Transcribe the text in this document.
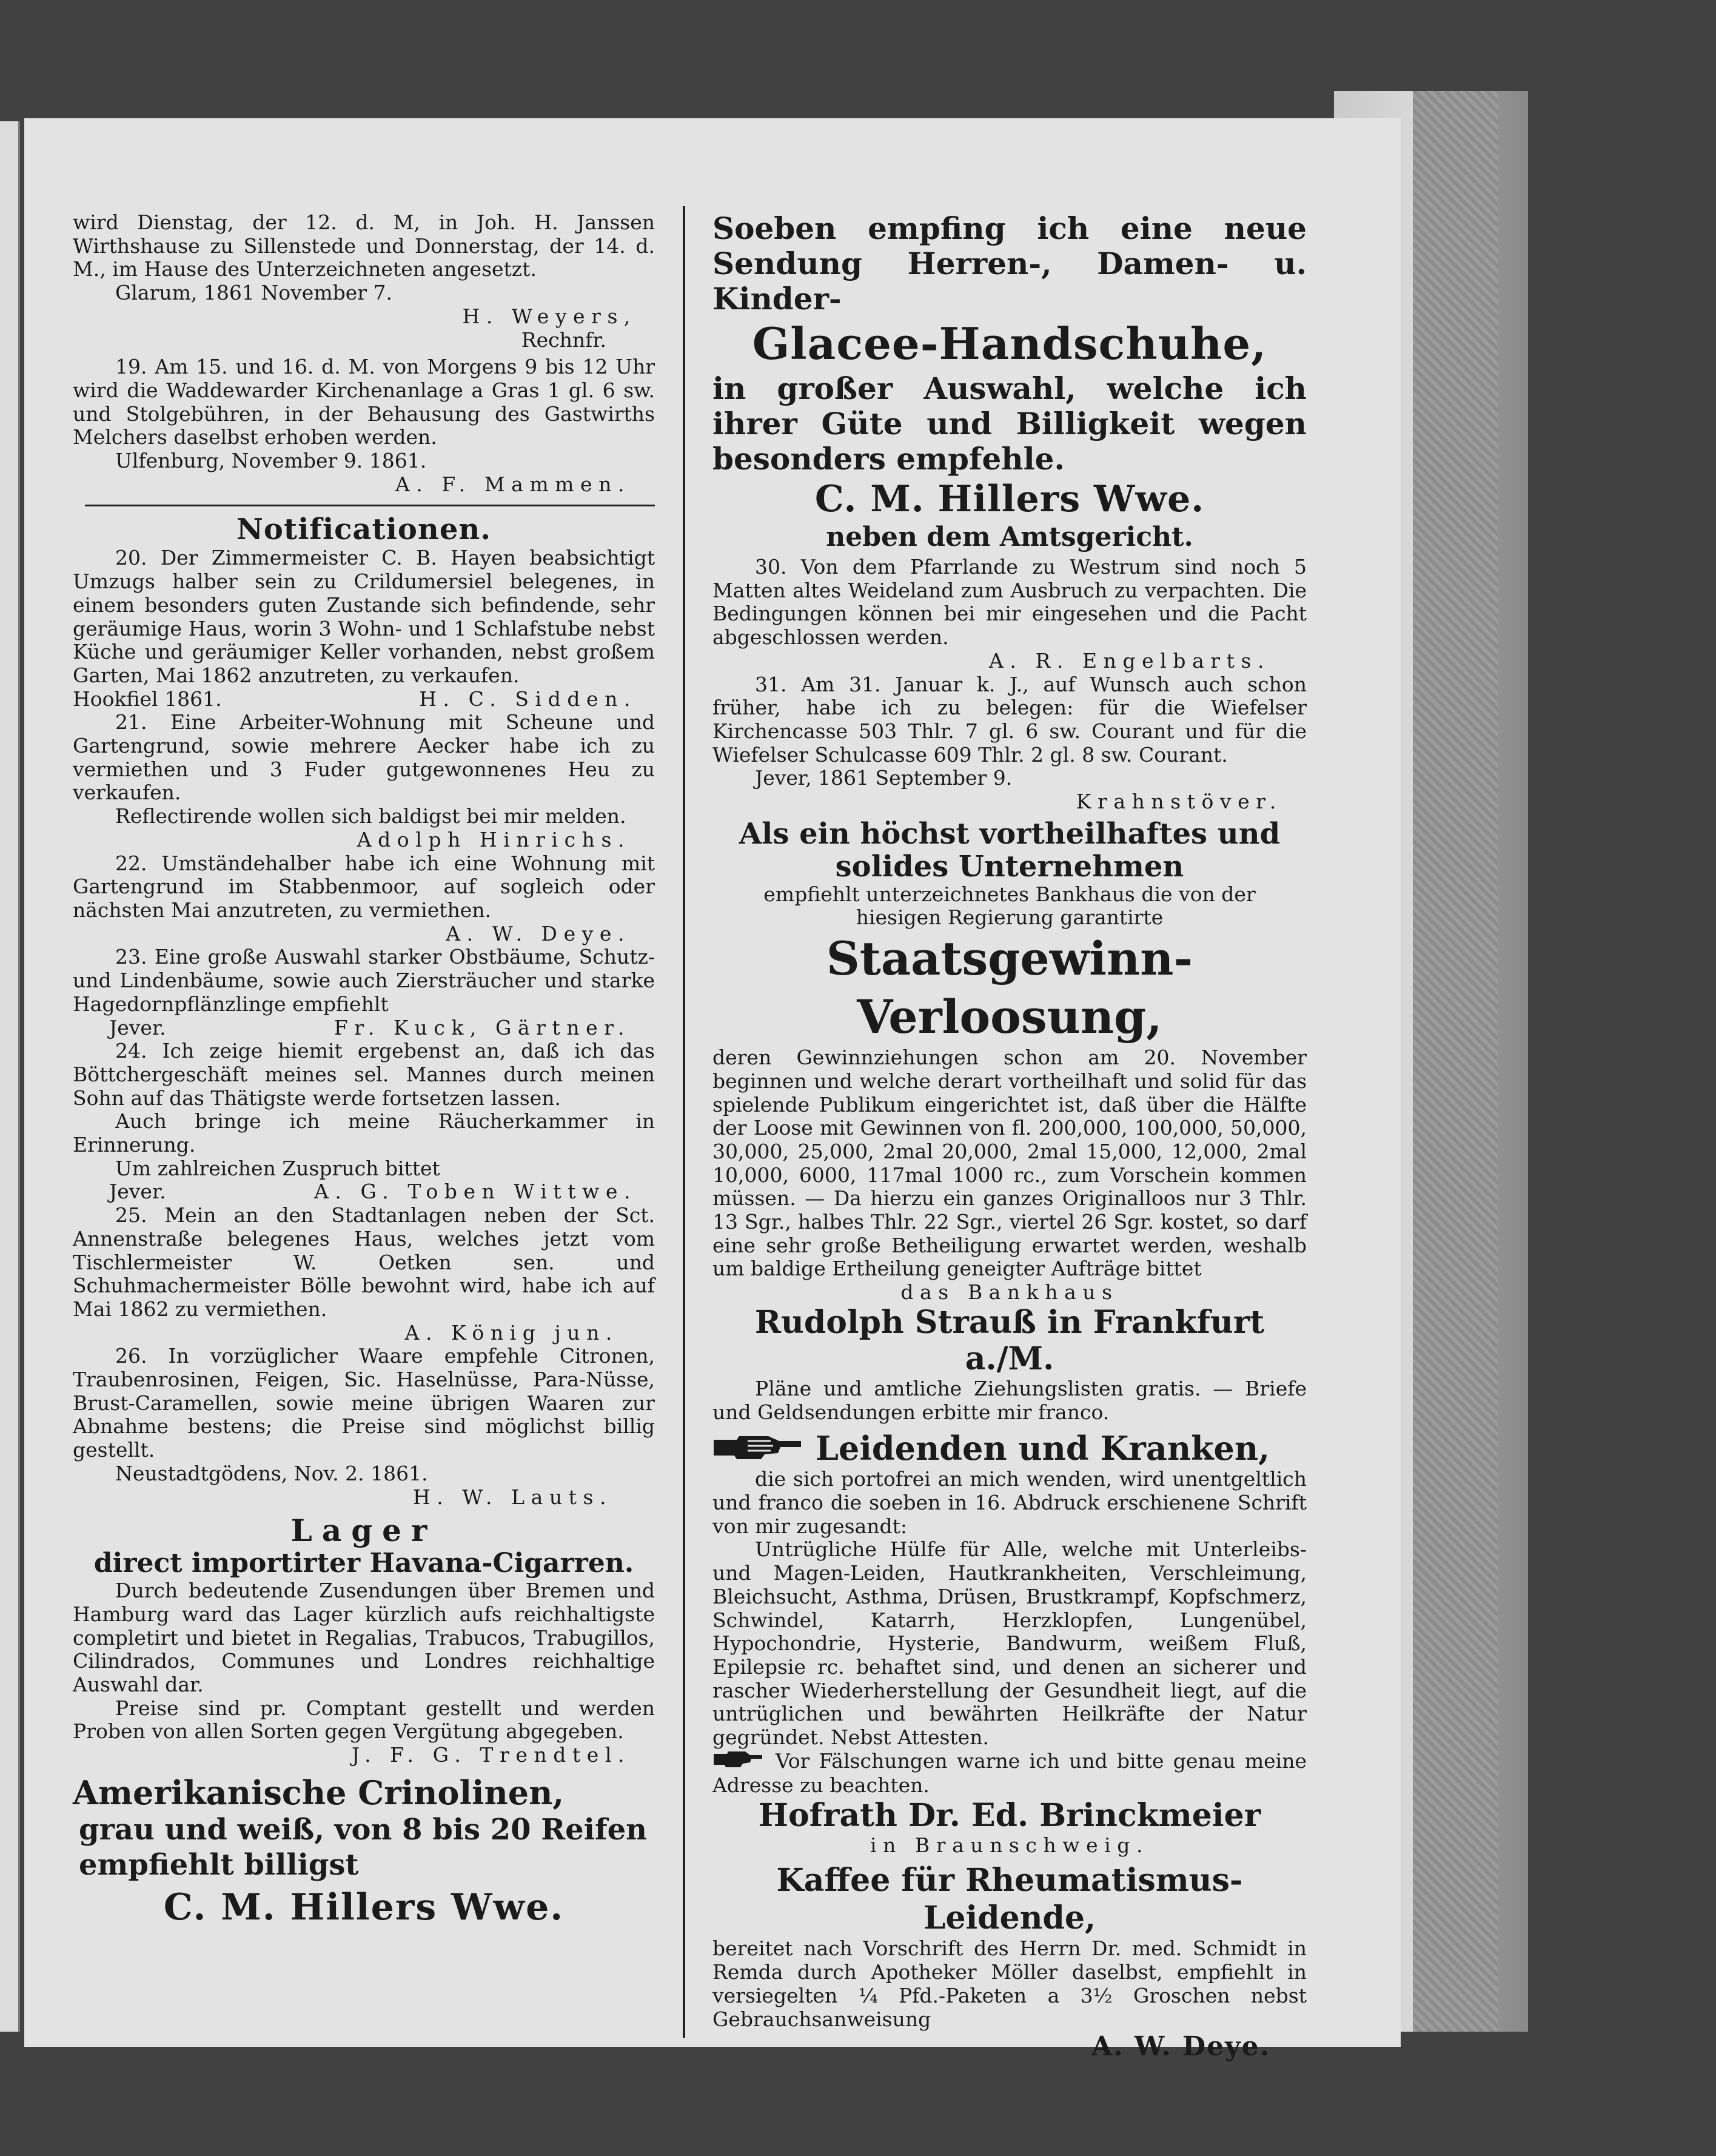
wird Dienstag, der 12. d. M, in Joh. H. Janssen Wirthshause zu Sillenstede und Donnerstag, der 14. d. M., im Hause des Unterzeichneten angesetzt.

Glarum, 1861 November 7.

H. Weyers,

Rechnfr.

19. Am 15. und 16. d. M. von Morgens 9 bis 12 Uhr wird die Waddewarder Kirchenanlage a Gras 1 gl. 6 sw. und Stolgebühren, in der Behausung des Gastwirths Melchers daselbst erhoben werden.

Ulfenburg, November 9. 1861.

A. F. Mammen.

Notificationen.

20. Der Zimmermeister C. B. Hayen beabsichtigt Umzugs halber sein zu Crildumersiel belegenes, in einem besonders guten Zustande sich befindende, sehr geräumige Haus, worin 3 Wohn- und 1 Schlafstube nebst Küche und geräumiger Keller vorhanden, nebst großem Garten, Mai 1862 anzutreten, zu verkaufen.

Hookfiel 1861.	H. C. Sidden.

21. Eine Arbeiter-Wohnung mit Scheune und Gartengrund, sowie mehrere Aecker habe ich zu vermiethen und 3 Fuder gutgewonnenes Heu zu verkaufen.

Reflectirende wollen sich baldigst bei mir melden.

Adolph Hinrichs.

22. Umständehalber habe ich eine Wohnung mit Gartengrund im Stabbenmoor, auf sogleich oder nächsten Mai anzutreten, zu vermiethen.

A. W. Deye.

23. Eine große Auswahl starker Obstbäume, Schutz- und Lindenbäume, sowie auch Ziersträucher und starke Hagedornpflänzlinge empfiehlt

Jever.	Fr. Kuck, Gärtner.

24. Ich zeige hiemit ergebenst an, daß ich das Böttchergeschäft meines sel. Mannes durch meinen Sohn auf das Thätigste werde fortsetzen lassen.

Auch bringe ich meine Räucherkammer in Erinnerung.

Um zahlreichen Zuspruch bittet

Jever.	A. G. Toben Wittwe.

25. Mein an den Stadtanlagen neben der Sct. Annenstraße belegenes Haus, welches jetzt vom Tischlermeister W. Oetken sen. und Schuhmachermeister Bölle bewohnt wird, habe ich auf Mai 1862 zu vermiethen.

A. König jun.

26. In vorzüglicher Waare empfehle Citronen, Traubenrosinen, Feigen, Sic. Haselnüsse, Para-Nüsse, Brust-Caramellen, sowie meine übrigen Waaren zur Abnahme bestens; die Preise sind möglichst billig gestellt.

Neustadtgödens, Nov. 2. 1861.

H. W. Lauts.

Lager
direct importirter Havana-Cigarren.

Durch bedeutende Zusendungen über Bremen und Hamburg ward das Lager kürzlich aufs reichhaltigste completirt und bietet in Regalias, Trabucos, Trabugillos, Cilindrados, Communes und Londres reichhaltige Auswahl dar.

Preise sind pr. Comptant gestellt und werden Proben von allen Sorten gegen Vergütung abgegeben.

J. F. G. Trendtel.

Amerikanische Crinolinen,
grau und weiß, von 8 bis 20 Reifen
empfiehlt billigst
C. M. Hillers Wwe.
Soeben empfing ich eine neue Sendung Herren-, Damen- u. Kinder-
Glacee-Handschuhe,
in großer Auswahl, welche ich ihrer Güte und Billigkeit wegen besonders empfehle.
C. M. Hillers Wwe.
neben dem Amtsgericht.

30. Von dem Pfarrlande zu Westrum sind noch 5 Matten altes Weideland zum Ausbruch zu verpachten. Die Bedingungen können bei mir eingesehen und die Pacht abgeschlossen werden.

A. R. Engelbarts.

31. Am 31. Januar k. J., auf Wunsch auch schon früher, habe ich zu belegen: für die Wiefelser Kirchencasse 503 Thlr. 7 gl. 6 sw. Courant und für die Wiefelser Schulcasse 609 Thlr. 2 gl. 8 sw. Courant.

Jever, 1861 September 9.

Krahnstöver.

Als ein höchst vortheilhaftes und solides Unternehmen

empfiehlt unterzeichnetes Bankhaus die von der hiesigen Regierung garantirte

Staatsgewinn-Verloosung,

deren Gewinnziehungen schon am 20. November beginnen und welche derart vortheilhaft und solid für das spielende Publikum eingerichtet ist, daß über die Hälfte der Loose mit Gewinnen von fl. 200,000, 100,000, 50,000, 30,000, 25,000, 2mal 20,000, 2mal 15,000, 12,000, 2mal 10,000, 6000, 117mal 1000 rc., zum Vorschein kommen müssen. — Da hierzu ein ganzes Originalloos nur 3 Thlr. 13 Sgr., halbes Thlr. 22 Sgr., viertel 26 Sgr. kostet, so darf eine sehr große Betheiligung erwartet werden, weshalb um baldige Ertheilung geneigter Aufträge bittet

das Bankhaus

Rudolph Strauß in Frankfurt a./M.

Pläne und amtliche Ziehungslisten gratis. — Briefe und Geldsendungen erbitte mir franco.

Leidenden und Kranken,

die sich portofrei an mich wenden, wird unentgeltlich und franco die soeben in 16. Abdruck erschienene Schrift von mir zugesandt:

Untrügliche Hülfe für Alle, welche mit Unterleibs- und Magen-Leiden, Hautkrankheiten, Verschleimung, Bleichsucht, Asthma, Drüsen, Brustkrampf, Kopfschmerz, Schwindel, Katarrh, Herzklopfen, Lungenübel, Hypochondrie, Hysterie, Bandwurm, weißem Fluß, Epilepsie rc. behaftet sind, und denen an sicherer und rascher Wiederherstellung der Gesundheit liegt, auf die untrüglichen und bewährten Heilkräfte der Natur gegründet. Nebst Attesten.

Vor Fälschungen warne ich und bitte genau meine Adresse zu beachten.

Hofrath Dr. Ed. Brinckmeier

in Braunschweig.

Kaffee für Rheumatismus-Leidende,

bereitet nach Vorschrift des Herrn Dr. med. Schmidt in Remda durch Apotheker Möller daselbst, empfiehlt in versiegelten ¼ Pfd.-Paketen a 3½ Groschen nebst Gebrauchsanweisung

A. W. Deye.
